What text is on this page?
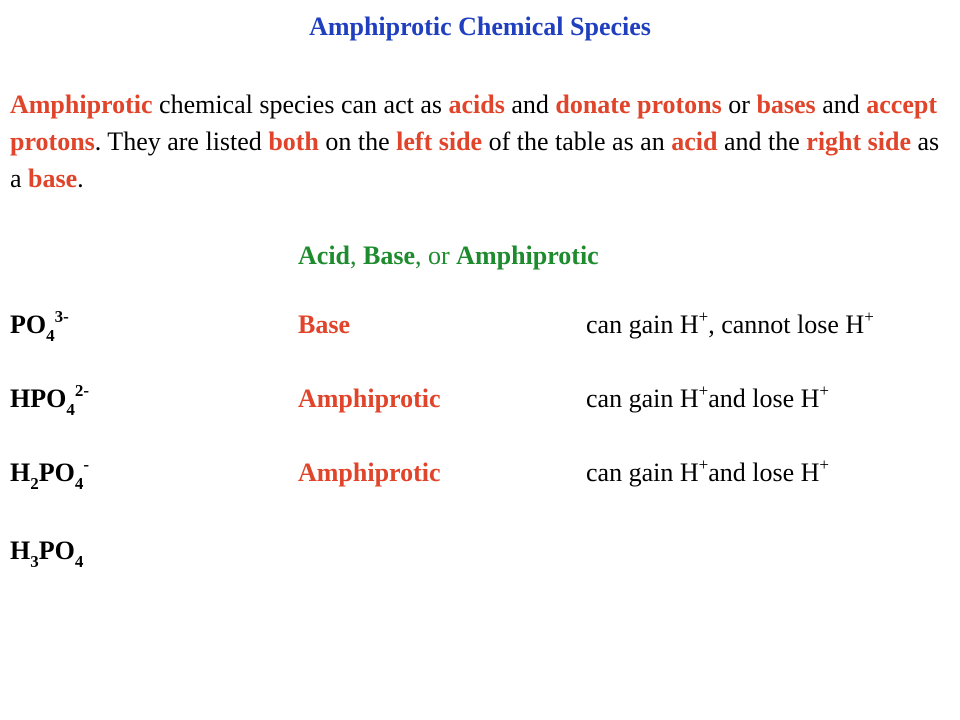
Amphiprotic Chemical Species
Amphiprotic chemical species can act as acids and donate protons or bases and accept protons. They are listed both on the left side of the table as an acid and the right side as a base.
Acid, Base, or Amphiprotic
$PO_4^{3-}$	Base	can gain H+, cannot lose H+
$HPO_4^{2-}$	Amphiprotic	can gain H+and lose H+
$H_2PO_4^-$	Amphiprotic	can gain H+and lose H+
$H_3PO_4$
